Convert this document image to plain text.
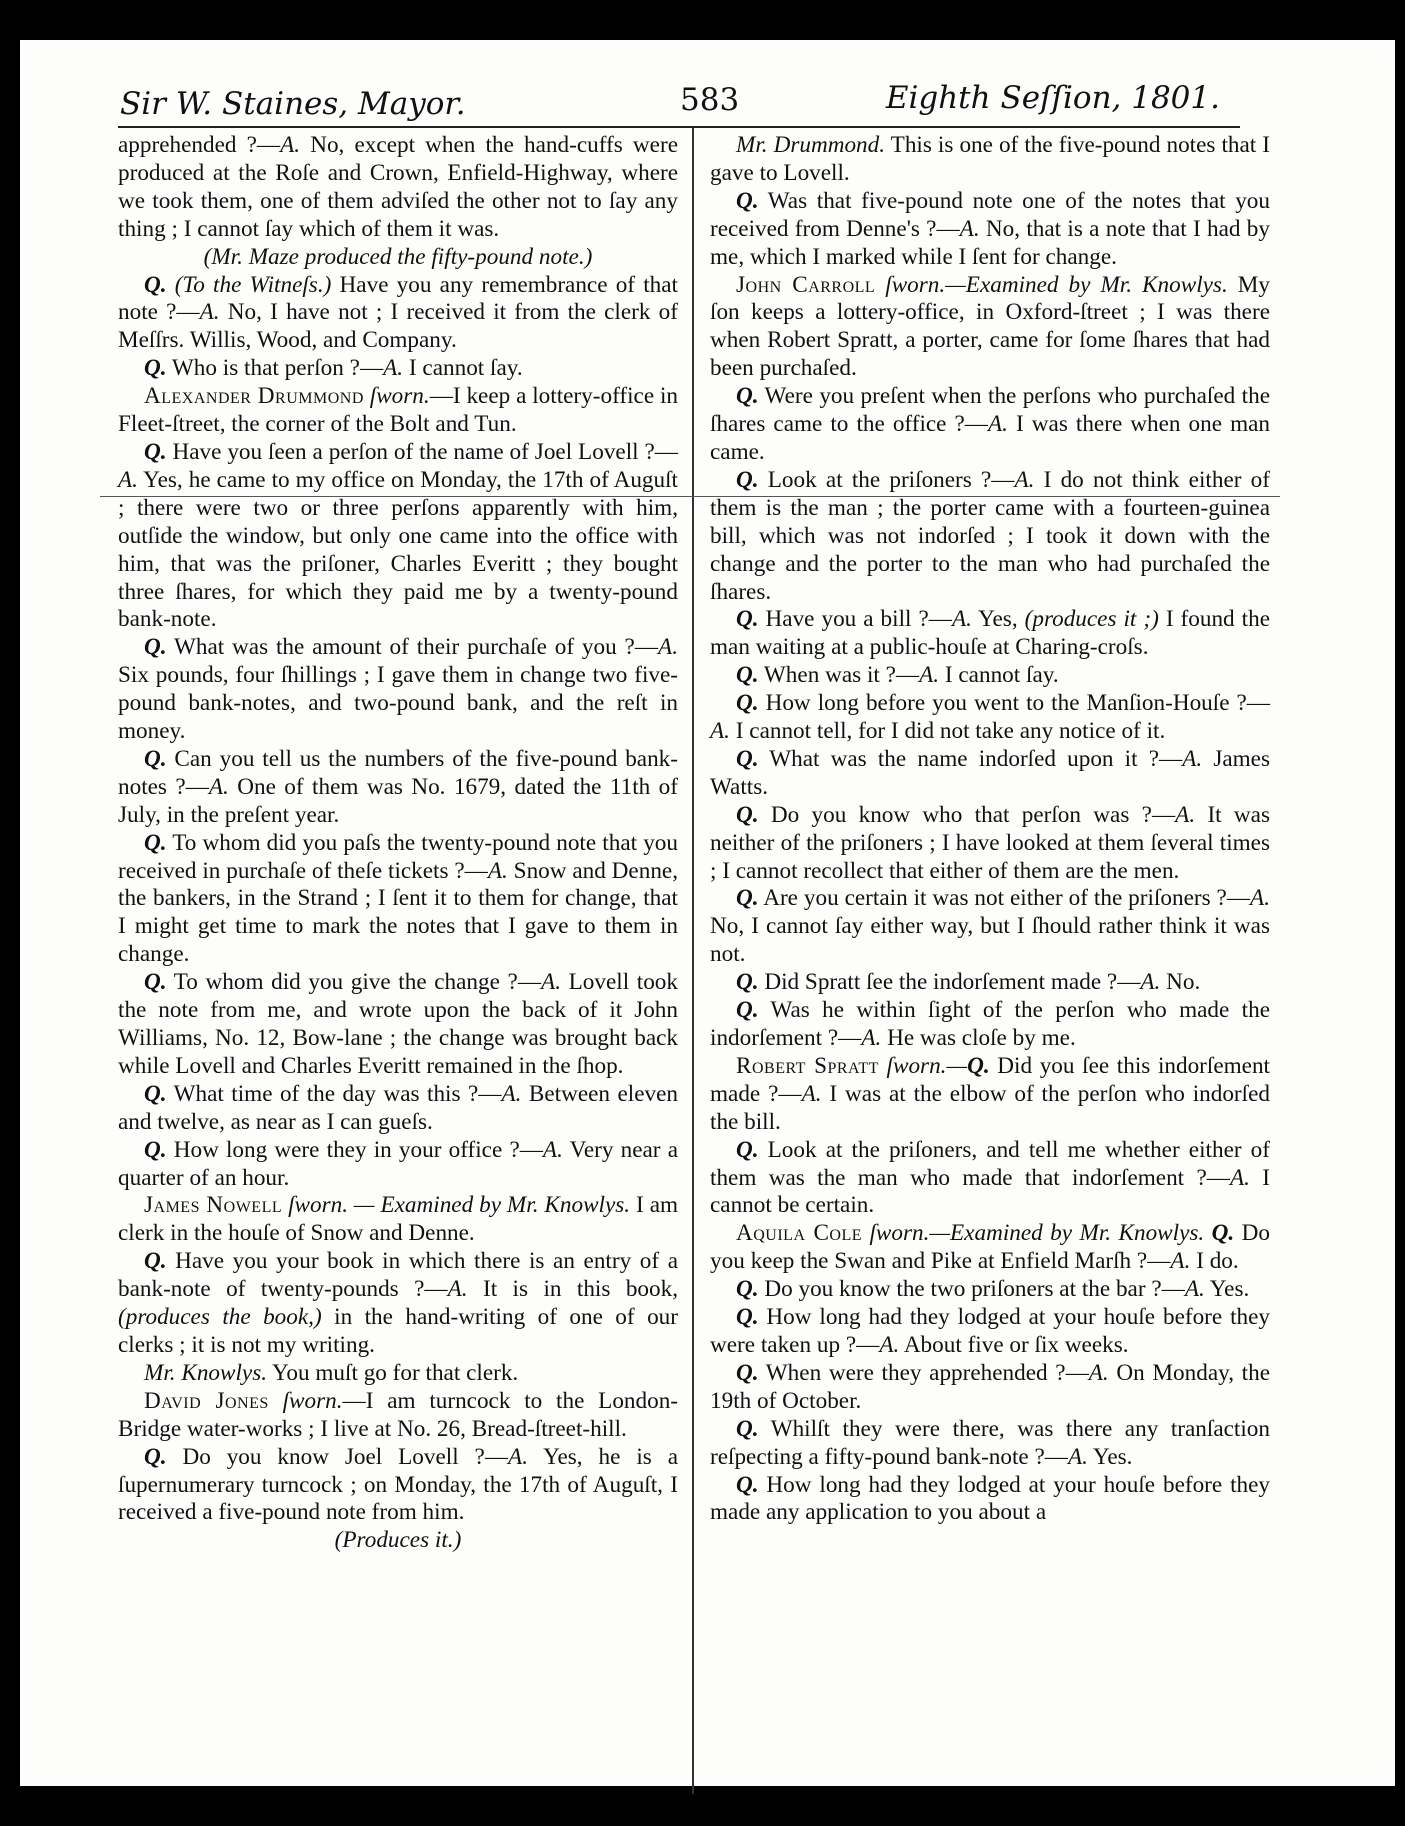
Sir W. Staines, Mayor.	583	Eighth Seſſion, 1801.

apprehended ?—A. No, except when the hand-cuffs were produced at the Roſe and Crown, Enfield-Highway, where we took them, one of them adviſed the other not to ſay any thing ; I cannot ſay which of them it was.

(Mr. Maze produced the fifty-pound note.)

Q. (To the Witneſs.) Have you any remembrance of that note ?—A. No, I have not ; I received it from the clerk of Meſſrs. Willis, Wood, and Company.

Q. Who is that perſon ?—A. I cannot ſay.

Alexander Drummond ſworn.—I keep a lottery-office in Fleet-ſtreet, the corner of the Bolt and Tun.

Q. Have you ſeen a perſon of the name of Joel Lovell ?—A. Yes, he came to my office on Monday, the 17th of Auguſt ; there were two or three perſons apparently with him, outſide the window, but only one came into the office with him, that was the priſoner, Charles Everitt ; they bought three ſhares, for which they paid me by a twenty-pound bank-note.

Q. What was the amount of their purchaſe of you ?—A. Six pounds, four ſhillings ; I gave them in change two five-pound bank-notes, and two-pound bank, and the reſt in money.

Q. Can you tell us the numbers of the five-pound bank-notes ?—A. One of them was No. 1679, dated the 11th of July, in the preſent year.

Q. To whom did you paſs the twenty-pound note that you received in purchaſe of theſe tickets ?—A. Snow and Denne, the bankers, in the Strand ; I ſent it to them for change, that I might get time to mark the notes that I gave to them in change.

Q. To whom did you give the change ?—A. Lovell took the note from me, and wrote upon the back of it John Williams, No. 12, Bow-lane ; the change was brought back while Lovell and Charles Everitt remained in the ſhop.

Q. What time of the day was this ?—A. Between eleven and twelve, as near as I can gueſs.

Q. How long were they in your office ?—A. Very near a quarter of an hour.

James Nowell ſworn. — Examined by Mr. Knowlys. I am clerk in the houſe of Snow and Denne.

Q. Have you your book in which there is an entry of a bank-note of twenty-pounds ?—A. It is in this book, (produces the book,) in the hand-writing of one of our clerks ; it is not my writing.

Mr. Knowlys. You muſt go for that clerk.

David Jones ſworn.—I am turncock to the London-Bridge water-works ; I live at No. 26, Bread-ſtreet-hill.

Q. Do you know Joel Lovell ?—A. Yes, he is a ſupernumerary turncock ; on Monday, the 17th of Auguſt, I received a five-pound note from him.

(Produces it.)

Mr. Drummond. This is one of the five-pound notes that I gave to Lovell.

Q. Was that five-pound note one of the notes that you received from Denne's ?—A. No, that is a note that I had by me, which I marked while I ſent for change.

John Carroll ſworn.—Examined by Mr. Knowlys. My ſon keeps a lottery-office, in Oxford-ſtreet ; I was there when Robert Spratt, a porter, came for ſome ſhares that had been purchaſed.

Q. Were you preſent when the perſons who purchaſed the ſhares came to the office ?—A. I was there when one man came.

Q. Look at the priſoners ?—A. I do not think either of them is the man ; the porter came with a fourteen-guinea bill, which was not indorſed ; I took it down with the change and the porter to the man who had purchaſed the ſhares.

Q. Have you a bill ?—A. Yes, (produces it ;) I found the man waiting at a public-houſe at Charing-croſs.

Q. When was it ?—A. I cannot ſay.

Q. How long before you went to the Manſion-Houſe ?—A. I cannot tell, for I did not take any notice of it.

Q. What was the name indorſed upon it ?—A. James Watts.

Q. Do you know who that perſon was ?—A. It was neither of the priſoners ; I have looked at them ſeveral times ; I cannot recollect that either of them are the men.

Q. Are you certain it was not either of the priſoners ?—A. No, I cannot ſay either way, but I ſhould rather think it was not.

Q. Did Spratt ſee the indorſement made ?—A. No.

Q. Was he within ſight of the perſon who made the indorſement ?—A. He was cloſe by me.

Robert Spratt ſworn.—Q. Did you ſee this indorſement made ?—A. I was at the elbow of the perſon who indorſed the bill.

Q. Look at the priſoners, and tell me whether either of them was the man who made that indorſement ?—A. I cannot be certain.

Aquila Cole ſworn.—Examined by Mr. Knowlys. Q. Do you keep the Swan and Pike at Enfield Marſh ?—A. I do.

Q. Do you know the two priſoners at the bar ?—A. Yes.

Q. How long had they lodged at your houſe before they were taken up ?—A. About five or ſix weeks.

Q. When were they apprehended ?—A. On Monday, the 19th of October.

Q. Whilſt they were there, was there any tranſaction reſpecting a fifty-pound bank-note ?—A. Yes.

Q. How long had they lodged at your houſe before they made any application to you about a
